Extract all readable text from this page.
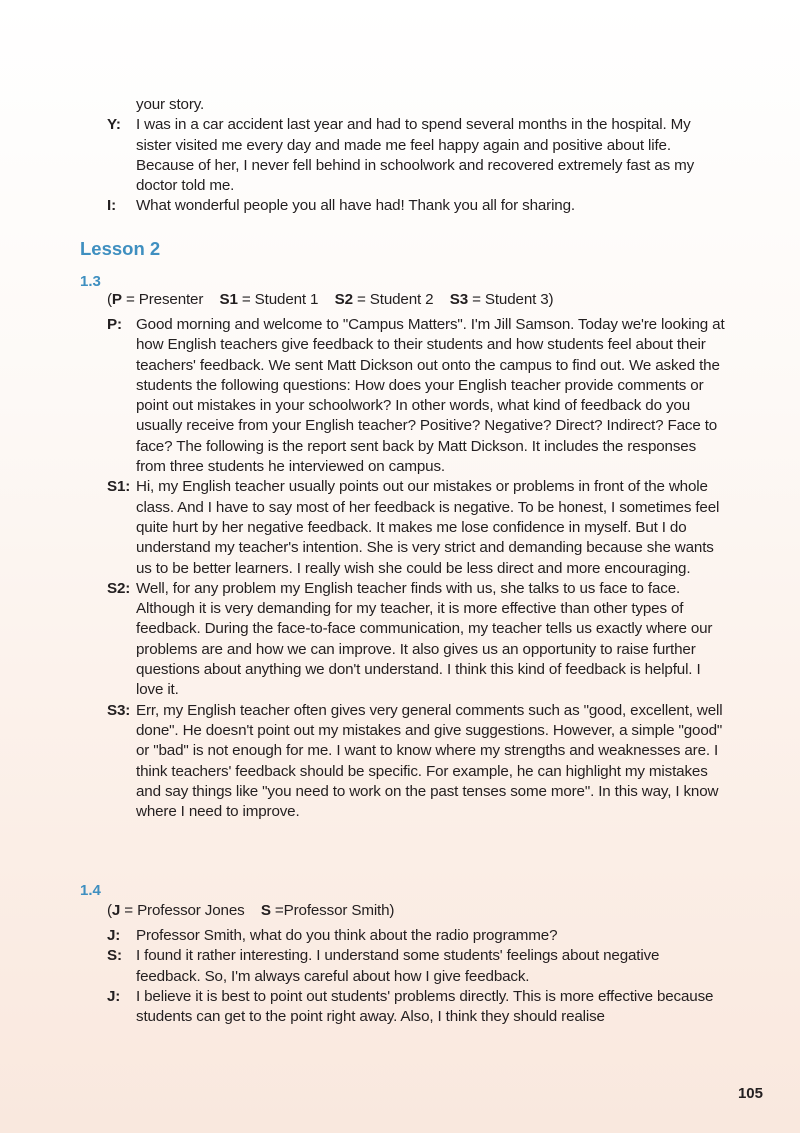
your story.
Y:	I was in a car accident last year and had to spend several months in the hospital. My sister visited me every day and made me feel happy again and positive about life. Because of her, I never fell behind in schoolwork and recovered extremely fast as my doctor told me.
I:	What wonderful people you all have had! Thank you all for sharing.
Lesson 2
1.3
(P = Presenter    S1 = Student 1    S2 = Student 2    S3 = Student 3)
P: Good morning and welcome to "Campus Matters". I'm Jill Samson. Today we're looking at how English teachers give feedback to their students and how students feel about their teachers' feedback. We sent Matt Dickson out onto the campus to find out. We asked the students the following questions: How does your English teacher provide comments or point out mistakes in your schoolwork? In other words, what kind of feedback do you usually receive from your English teacher? Positive? Negative? Direct? Indirect? Face to face? The following is the report sent back by Matt Dickson. It includes the responses from three students he interviewed on campus.
S1: Hi, my English teacher usually points out our mistakes or problems in front of the whole class. And I have to say most of her feedback is negative. To be honest, I sometimes feel quite hurt by her negative feedback. It makes me lose confidence in myself. But I do understand my teacher's intention. She is very strict and demanding because she wants us to be better learners. I really wish she could be less direct and more encouraging.
S2: Well, for any problem my English teacher finds with us, she talks to us face to face. Although it is very demanding for my teacher, it is more effective than other types of feedback. During the face-to-face communication, my teacher tells us exactly where our problems are and how we can improve. It also gives us an opportunity to raise further questions about anything we don't understand. I think this kind of feedback is helpful. I love it.
S3: Err, my English teacher often gives very general comments such as "good, excellent, well done". He doesn't point out my mistakes and give suggestions. However, a simple "good" or "bad" is not enough for me. I want to know where my strengths and weaknesses are. I think teachers' feedback should be specific. For example, he can highlight my mistakes and say things like "you need to work on the past tenses some more". In this way, I know where I need to improve.
1.4
(J = Professor Jones    S =Professor Smith)
J:	Professor Smith, what do you think about the radio programme?
S: I found it rather interesting. I understand some students' feelings about negative feedback. So, I'm always careful about how I give feedback.
J:	I believe it is best to point out students' problems directly. This is more effective because students can get to the point right away. Also, I think they should realise
105
